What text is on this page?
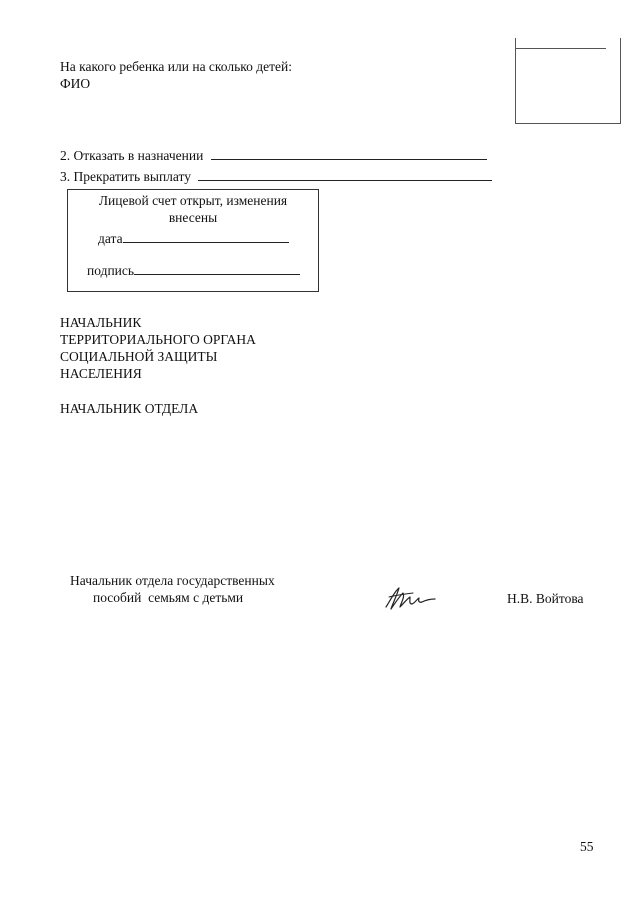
На какого ребенка или на сколько детей:
ФИО
2. Отказать в назначении
3. Прекратить выплату
Лицевой счет открыт, изменения внесены
дата
подпись
НАЧАЛЬНИК
ТЕРРИТОРИАЛЬНОГО ОРГАНА
СОЦИАЛЬНОЙ ЗАЩИТЫ
НАСЕЛЕНИЯ
НАЧАЛЬНИК ОТДЕЛА
Начальник отдела государственных
пособий  семьям с детьми	Н.В. Войтова
55
